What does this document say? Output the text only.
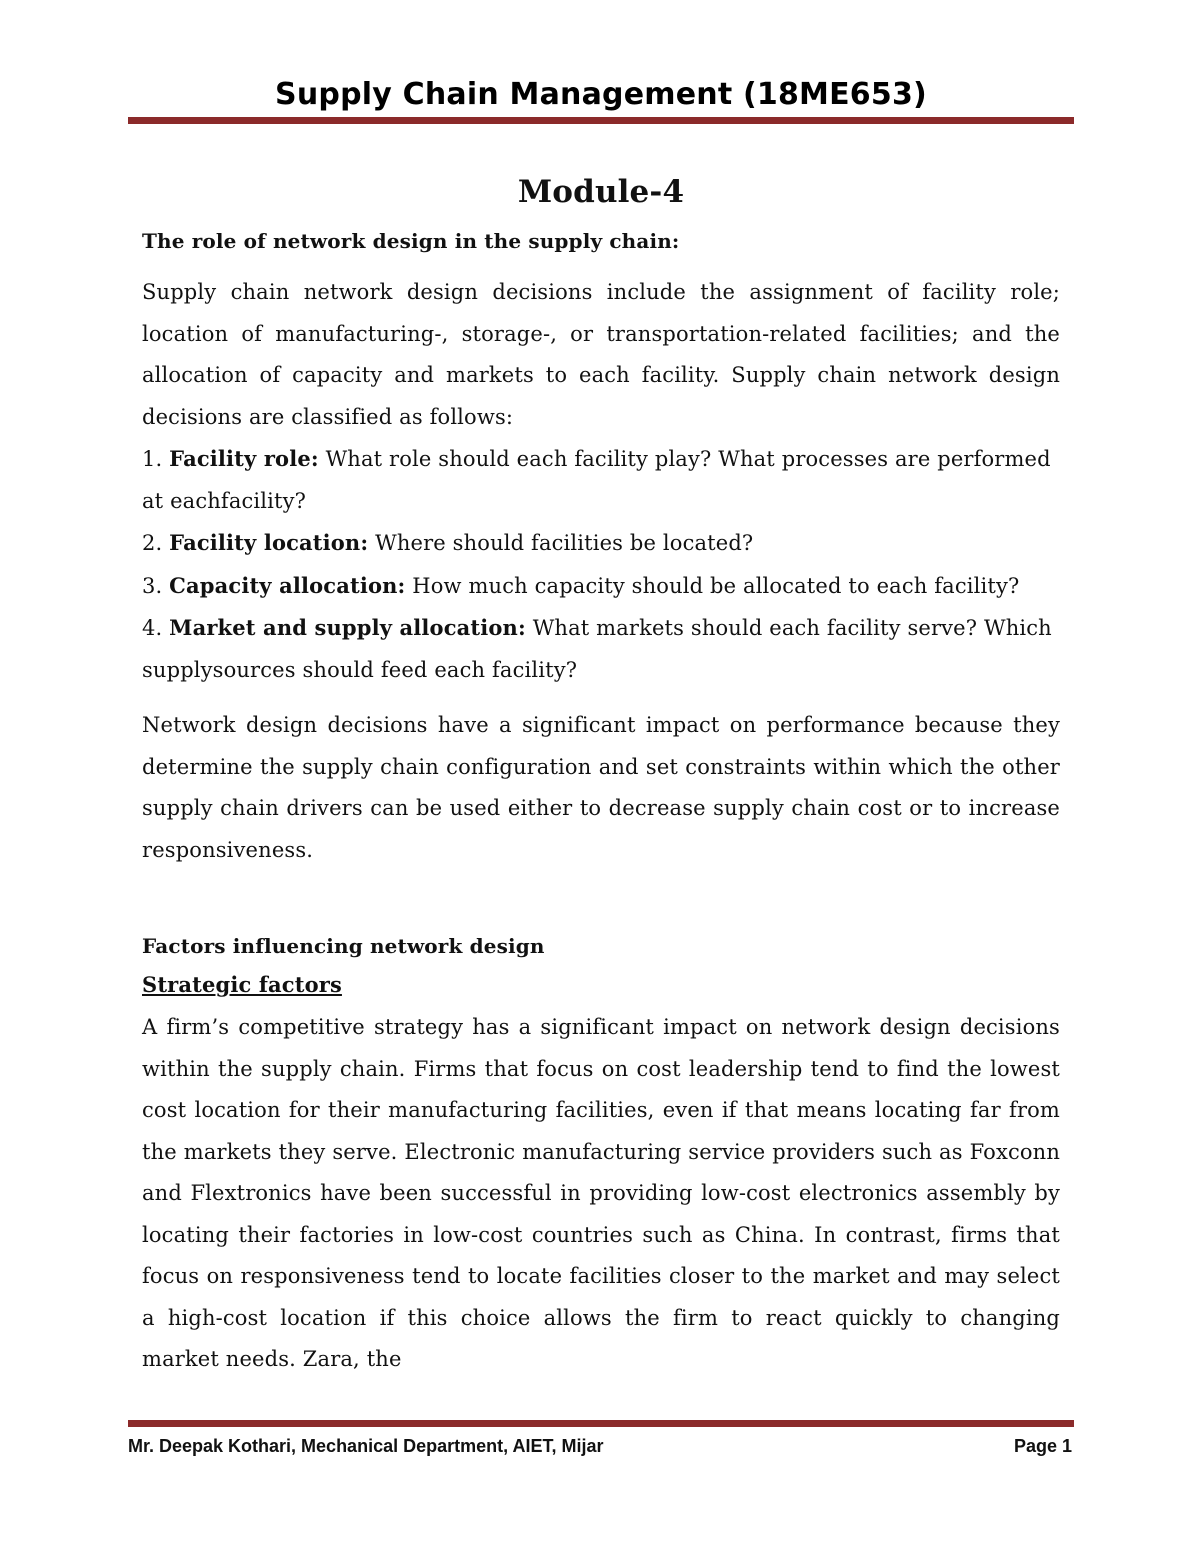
Supply Chain Management (18ME653)
Module-4
The role of network design in the supply chain:

Supply chain network design decisions include the assignment of facility role; location of manufacturing-, storage-, or transportation-related facilities; and the allocation of capacity and markets to each facility. Supply chain network design decisions are classified as follows:

1. Facility role: What role should each facility play? What processes are performed at eachfacility?
2. Facility location: Where should facilities be located?
3. Capacity allocation: How much capacity should be allocated to each facility?
4. Market and supply allocation: What markets should each facility serve? Which supplysources should feed each facility?

Network design decisions have a significant impact on performance because they determine the supply chain configuration and set constraints within which the other supply chain drivers can be used either to decrease supply chain cost or to increase responsiveness.

Factors influencing network design
Strategic factors

A firm’s competitive strategy has a significant impact on network design decisions within the supply chain. Firms that focus on cost leadership tend to find the lowest cost location for their manufacturing facilities, even if that means locating far from the markets they serve. Electronic manufacturing service providers such as Foxconn and Flextronics have been successful in providing low-cost electronics assembly by locating their factories in low-cost countries such as China. In contrast, firms that focus on responsiveness tend to locate facilities closer to the market and may select a high-cost location if this choice allows the firm to react quickly to changing market needs. Zara, the

Mr. Deepak Kothari, Mechanical Department, AIET, Mijar	Page 1
